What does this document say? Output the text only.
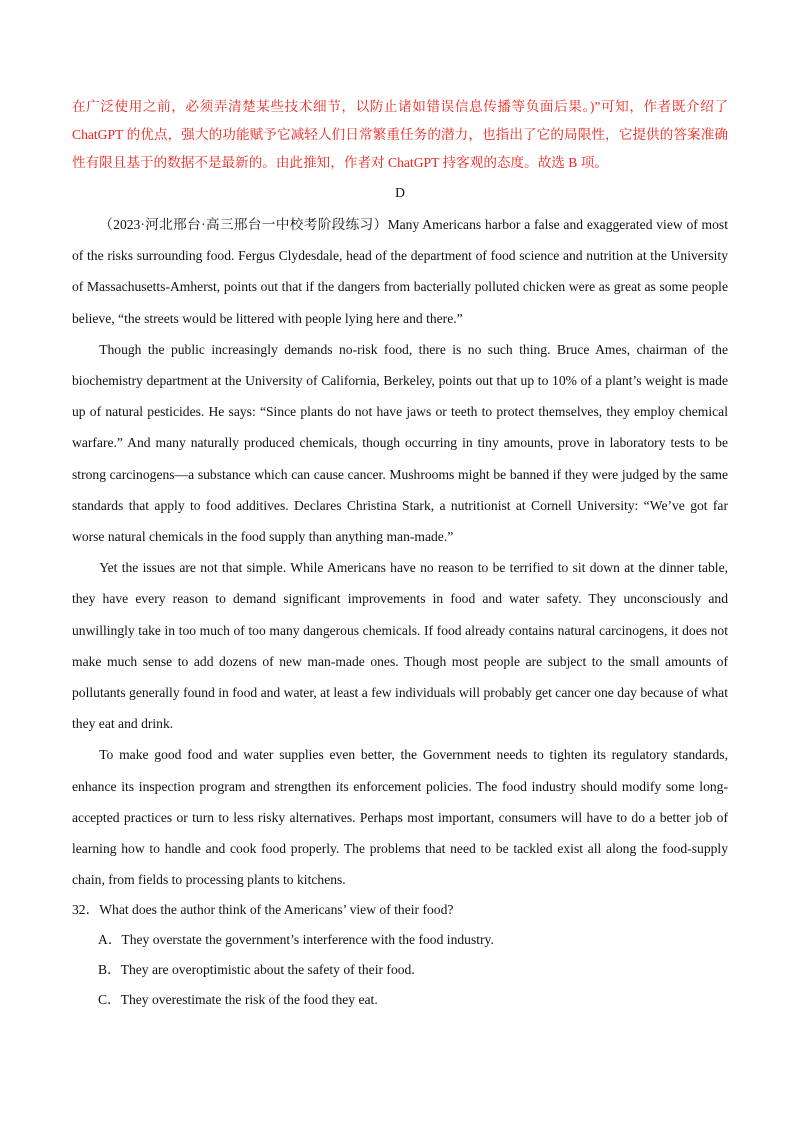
在广泛使用之前，必须弄清楚某些技术细节，以防止诸如错误信息传播等负面后果。)”可知，作者既介绍了 ChatGPT 的优点，强大的功能赋予它减轻人们日常繁重任务的潜力，也指出了它的局限性，它提供的答案准确性有限且基于的数据不是最新的。由此推知，作者对 ChatGPT 持客观的态度。故选 B 项。

D

（2023·河北邢台·高三邢台一中校考阶段练习）Many Americans harbor a false and exaggerated view of most of the risks surrounding food. Fergus Clydesdale, head of the department of food science and nutrition at the University of Massachusetts-Amherst, points out that if the dangers from bacterially polluted chicken were as great as some people believe, “the streets would be littered with people lying here and there.”

Though the public increasingly demands no-risk food, there is no such thing. Bruce Ames, chairman of the biochemistry department at the University of California, Berkeley, points out that up to 10% of a plant’s weight is made up of natural pesticides. He says: “Since plants do not have jaws or teeth to protect themselves, they employ chemical warfare.” And many naturally produced chemicals, though occurring in tiny amounts, prove in laboratory tests to be strong carcinogens—a substance which can cause cancer. Mushrooms might be banned if they were judged by the same standards that apply to food additives. Declares Christina Stark, a nutritionist at Cornell University: “We’ve got far worse natural chemicals in the food supply than anything man-made.”

Yet the issues are not that simple. While Americans have no reason to be terrified to sit down at the dinner table, they have every reason to demand significant improvements in food and water safety. They unconsciously and unwillingly take in too much of too many dangerous chemicals. If food already contains natural carcinogens, it does not make much sense to add dozens of new man-made ones. Though most people are subject to the small amounts of pollutants generally found in food and water, at least a few individuals will probably get cancer one day because of what they eat and drink.

To make good food and water supplies even better, the Government needs to tighten its regulatory standards, enhance its inspection program and strengthen its enforcement policies. The food industry should modify some long-accepted practices or turn to less risky alternatives. Perhaps most important, consumers will have to do a better job of learning how to handle and cook food properly. The problems that need to be tackled exist all along the food-supply chain, from fields to processing plants to kitchens.

32．What does the author think of the Americans’ view of their food?

A．They overstate the government’s interference with the food industry.

B．They are overoptimistic about the safety of their food.

C．They overestimate the risk of the food they eat.
